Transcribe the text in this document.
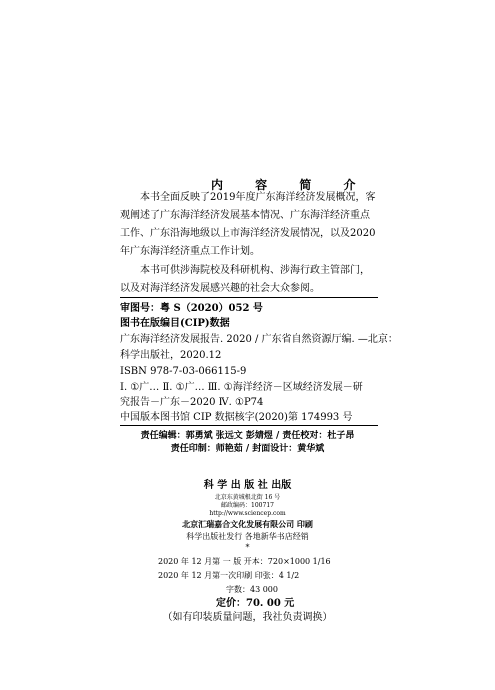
内 容 简 介
本书全面反映了2019年度广东海洋经济发展概况，客观阐述了广东海洋经济发展基本情况、广东海洋经济重点工作、广东沿海地级以上市海洋经济发展情况，以及2020年广东海洋经济重点工作计划。
本书可供涉海院校及科研机构、涉海行政主管部门，以及对海洋经济发展感兴趣的社会大众参阅。
审图号：粤 S（2020）052 号
图书在版编目(CIP)数据
广东海洋经济发展报告. 2020 / 广东省自然资源厅编. —北京：
科学出版社，2020.12
ISBN 978-7-03-066115-9
Ⅰ. ①广… Ⅱ. ①广… Ⅲ. ①海洋经济－区域经济发展－研
究报告－广东－2020 Ⅳ. ①P74
中国版本图书馆 CIP 数据核字(2020)第 174993 号
责任编辑：郭勇斌 张远文 彭婧煜 / 责任校对：杜子昂
责任印制：师艳茹 / 封面设计：黄华斌
科 学 出 版 社 出版
北京东黄城根北街 16 号
邮政编码：100717
http://www.sciencep.com
北京汇瑞嘉合文化发展有限公司 印刷
科学出版社发行 各地新华书店经销
*
2020 年 12 月第 一 版 开本：720×1000 1/16
2020 年 12 月第一次印刷 印张：4 1/2
字数：43 000
定价：70. 00 元
（如有印装质量问题，我社负责调换）
